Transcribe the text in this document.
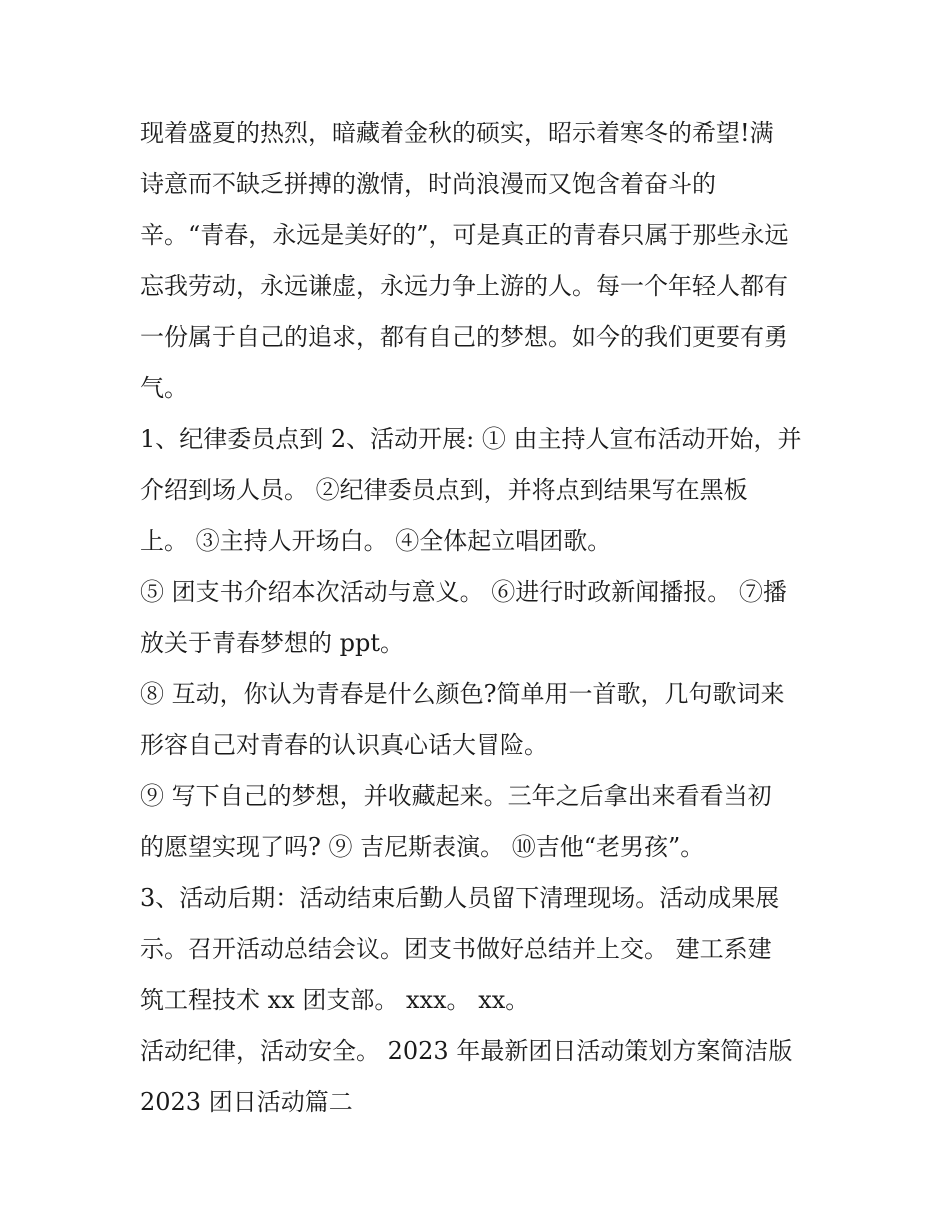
现着盛夏的热烈，暗藏着金秋的硕实，昭示着寒冬的希望!满
诗意而不缺乏拼搏的激情，时尚浪漫而又饱含着奋斗的
辛。“青春，永远是美好的”，可是真正的青春只属于那些永远
忘我劳动，永远谦虚，永远力争上游的人。每一个年轻人都有
一份属于自己的追求，都有自己的梦想。如今的我们更要有勇
气。
1、纪律委员点到 2、活动开展: ① 由主持人宣布活动开始，并
介绍到场人员。 ②纪律委员点到，并将点到结果写在黑板
上。 ③主持人开场白。 ④全体起立唱团歌。
⑤ 团支书介绍本次活动与意义。 ⑥进行时政新闻播报。 ⑦播
放关于青春梦想的 ppt。
⑧ 互动，你认为青春是什么颜色?简单用一首歌，几句歌词来
形容自己对青春的认识真心话大冒险。
⑨ 写下自己的梦想，并收藏起来。三年之后拿出来看看当初
的愿望实现了吗? ⑨ 吉尼斯表演。 ⑩吉他“老男孩”。
3、活动后期：活动结束后勤人员留下清理现场。活动成果展
示。召开活动总结会议。团支书做好总结并上交。 建工系建
筑工程技术 xx 团支部。 xxx。 xx。
活动纪律，活动安全。 2023 年最新团日活动策划方案简洁版
2023 团日活动篇二
